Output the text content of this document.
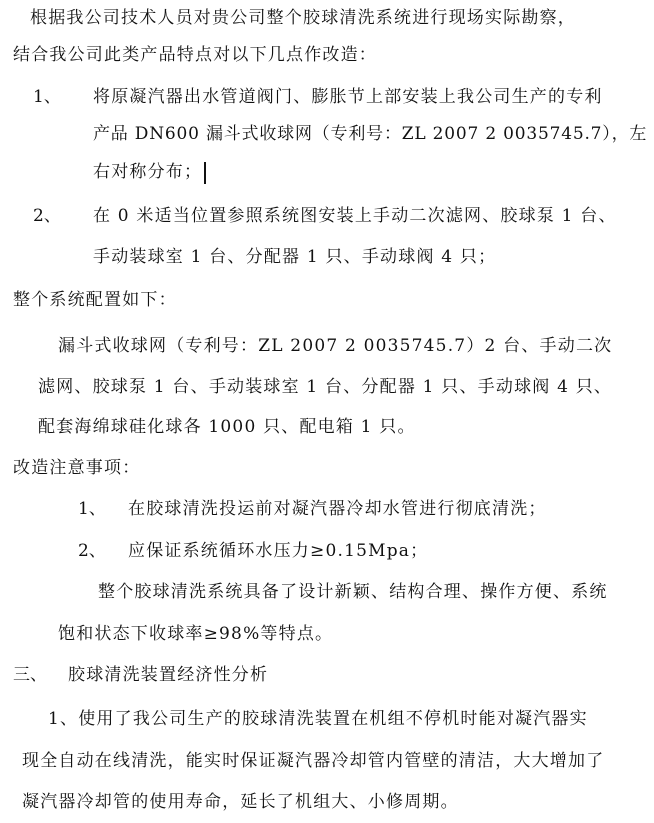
根据我公司技术人员对贵公司整个胶球清洗系统进行现场实际勘察，
结合我公司此类产品特点对以下几点作改造：
1、 将原凝汽器出水管道阀门、膨胀节上部安装上我公司生产的专利
产品 DN600 漏斗式收球网（专利号：ZL 2007 2 0035745.7），左
右对称分布；
2、 在 0 米适当位置参照系统图安装上手动二次滤网、胶球泵 1 台、
手动装球室 1 台、分配器 1 只、手动球阀 4 只；
整个系统配置如下：
漏斗式收球网（专利号：ZL 2007 2 0035745.7）2 台、手动二次
滤网、胶球泵 1 台、手动装球室 1 台、分配器 1 只、手动球阀 4 只、
配套海绵球硅化球各 1000 只、配电箱 1 只。
改造注意事项：
1、 在胶球清洗投运前对凝汽器冷却水管进行彻底清洗；
2、 应保证系统循环水压力≥0.15Mpa；
整个胶球清洗系统具备了设计新颖、结构合理、操作方便、系统
饱和状态下收球率≥98%等特点。
三、 胶球清洗装置经济性分析
1、使用了我公司生产的胶球清洗装置在机组不停机时能对凝汽器实
现全自动在线清洗，能实时保证凝汽器冷却管内管壁的清洁，大大增加了
凝汽器冷却管的使用寿命，延长了机组大、小修周期。
